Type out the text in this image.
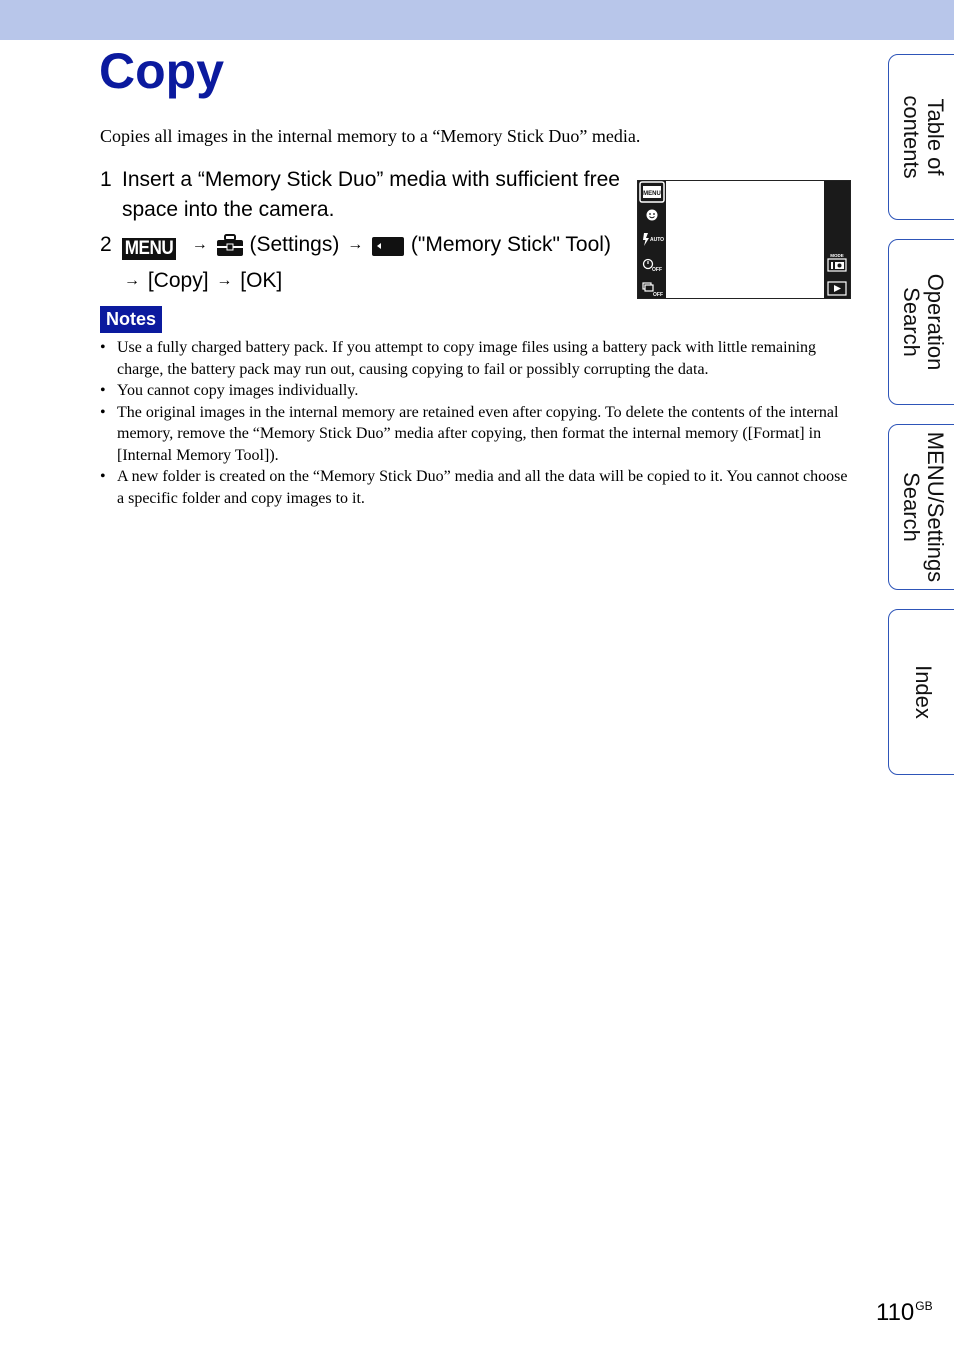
Copy
Copies all images in the internal memory to a “Memory Stick Duo” media.
1 Insert a “Memory Stick Duo” media with sufficient free space into the camera.
2 MENU → (Settings) → ("Memory Stick" Tool) → [Copy] → [OK]
MENU
AUTO
OFF
OFF
MODE
Notes
• Use a fully charged battery pack. If you attempt to copy image files using a battery pack with little remaining charge, the battery pack may run out, causing copying to fail or possibly corrupting the data.
• You cannot copy images individually.
• The original images in the internal memory are retained even after copying. To delete the contents of the internal memory, remove the “Memory Stick Duo” media after copying, then format the internal memory ([Format] in [Internal Memory Tool]).
• A new folder is created on the “Memory Stick Duo” media and all the data will be copied to it. You cannot choose a specific folder and copy images to it.
Table of
contents
Operation
Search
MENU/Settings
Search
Index
$110^{GB}$
